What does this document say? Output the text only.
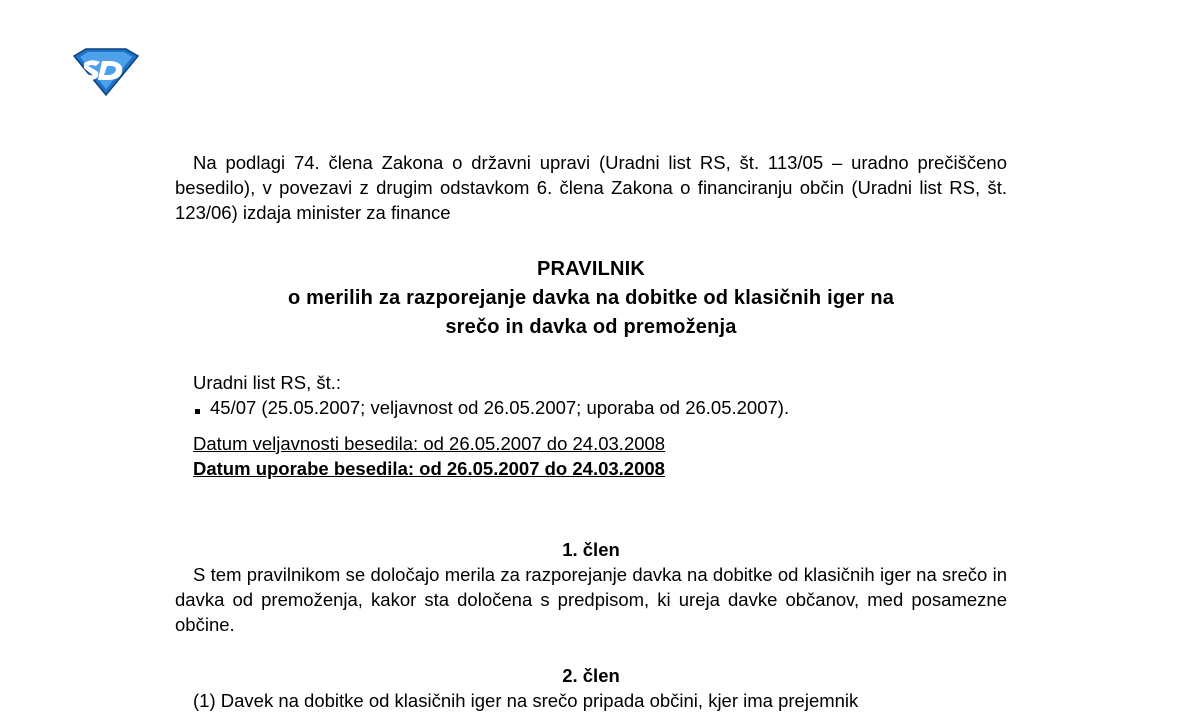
Na podlagi 74. člena Zakona o državni upravi (Uradni list RS, št. 113/05 – uradno prečiščeno besedilo), v povezavi z drugim odstavkom 6. člena Zakona o financiranju občin (Uradni list RS, št. 123/06) izdaja minister za finance

PRAVILNIK

o merilih za razporejanje davka na dobitke od klasičnih iger na

srečo in davka od premoženja

Uradni list RS, št.:

45/07 (25.05.2007; veljavnost od 26.05.2007; uporaba od 26.05.2007).

Datum veljavnosti besedila: od 26.05.2007 do 24.03.2008

Datum uporabe besedila: od 26.05.2007 do 24.03.2008

1. člen

S tem pravilnikom se določajo merila za razporejanje davka na dobitke od klasičnih iger na srečo in davka od premoženja, kakor sta določena s predpisom, ki ureja davke občanov, med posamezne občine.

2. člen

(1) Davek na dobitke od klasičnih iger na srečo pripada občini, kjer ima prejemnik
